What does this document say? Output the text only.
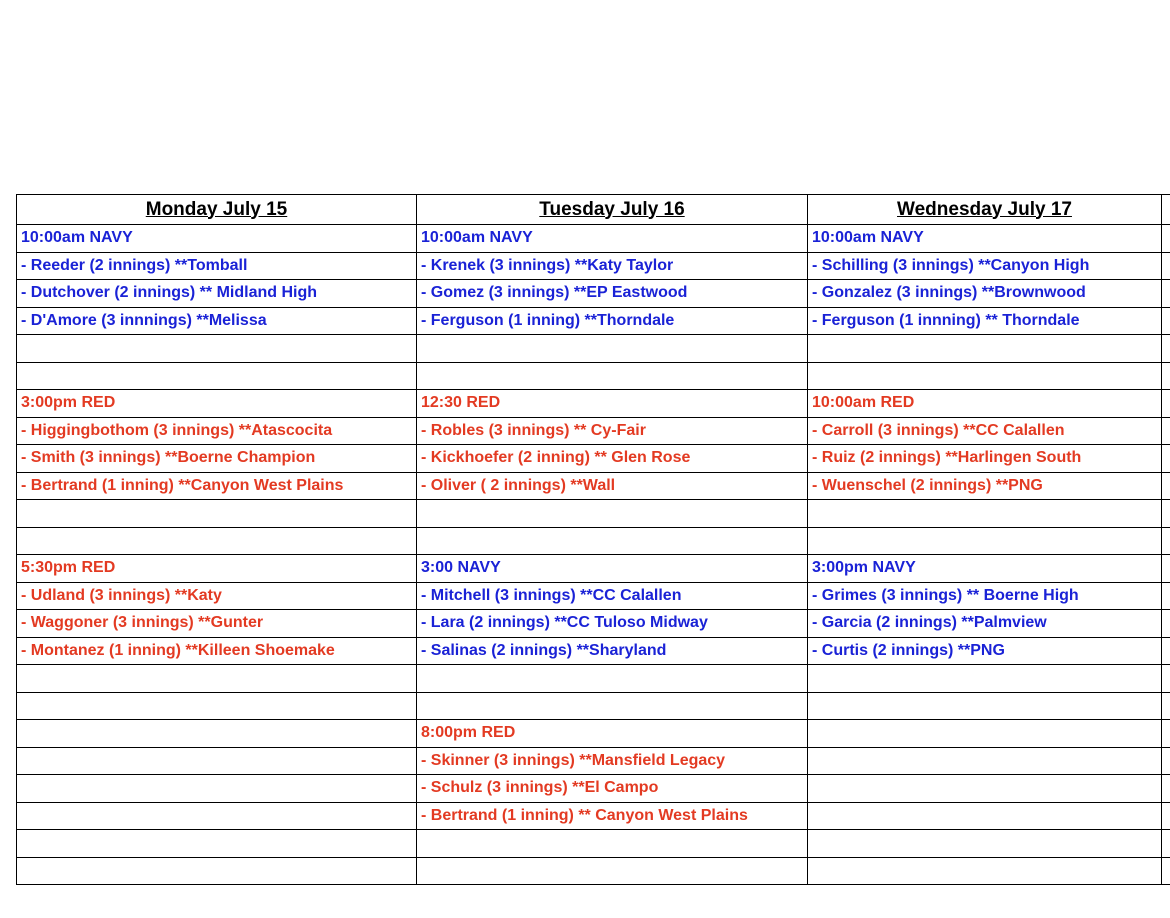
Monday July 15	Tuesday July 16	Wednesday July 17	
10:00am NAVY	10:00am NAVY	10:00am NAVY	
- Reeder (2 innings) **Tomball	- Krenek (3 innings) **Katy Taylor	- Schilling (3 innings) **Canyon High	
- Dutchover (2 innings) ** Midland High	- Gomez (3 innings) **EP Eastwood	- Gonzalez (3 innings) **Brownwood	
- D'Amore (3 innnings) **Melissa	- Ferguson (1 inning) **Thorndale	- Ferguson (1 innning) ** Thorndale	

3:00pm RED	12:30 RED	10:00am RED	
- Higgingbothom (3 innings) **Atascocita	- Robles (3 innings) ** Cy-Fair	- Carroll (3 innings) **CC Calallen	
- Smith (3 innings) **Boerne Champion	- Kickhoefer (2 inning) ** Glen Rose	- Ruiz (2 innings) **Harlingen South	
- Bertrand (1 inning) **Canyon West Plains	- Oliver ( 2 innings) **Wall	- Wuenschel (2 innings) **PNG	

5:30pm RED	3:00 NAVY	3:00pm NAVY	
- Udland (3 innings) **Katy	- Mitchell (3 innings) **CC Calallen	- Grimes (3 innings) ** Boerne High	
- Waggoner (3 innings) **Gunter	- Lara (2 innings) **CC Tuloso Midway	- Garcia (2 innings) **Palmview	
- Montanez (1 inning) **Killeen Shoemake	- Salinas (2 innings) **Sharyland	- Curtis (2 innings) **PNG	

	8:00pm RED		
	- Skinner (3 innings) **Mansfield Legacy		
	- Schulz (3 innings) **El Campo		
	- Bertrand (1 inning) ** Canyon West Plains		
